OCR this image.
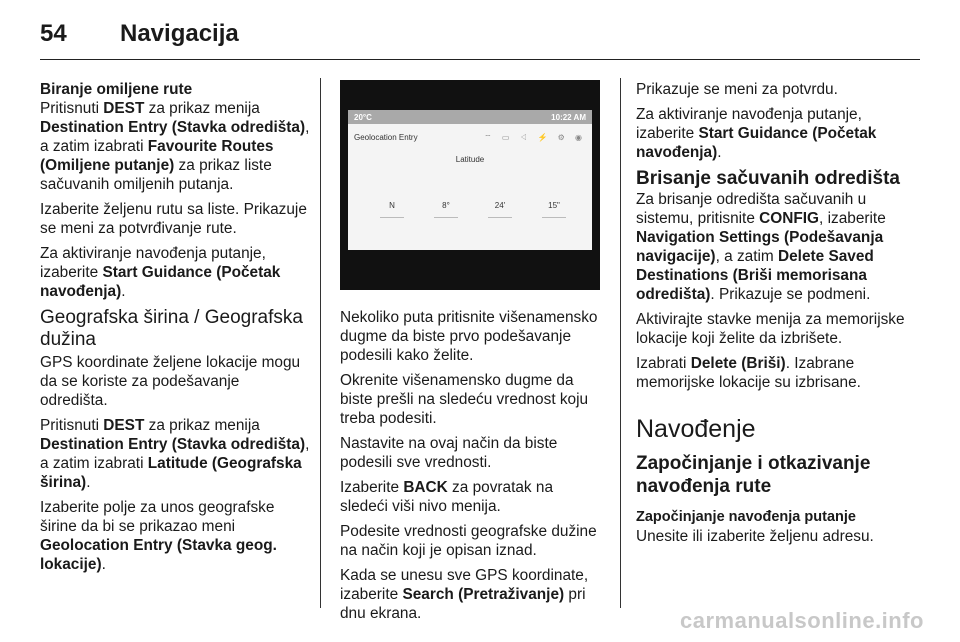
54	Navigacija
Biranje omiljene rute

Pritisnuti DEST za prikaz menija Destination Entry (Stavka odredišta), a zatim izabrati Favourite Routes (Omiljene putanje) za prikaz liste sačuvanih omiljenih putanja.

Izaberite željenu rutu sa liste. Prikazuje se meni za potvrđivanje rute.

Za aktiviranje navođenja putanje, izaberite Start Guidance (Početak navođenja).

Geografska širina / Geografska dužina

GPS koordinate željene lokacije mogu da se koriste za podešavanje odredišta.

Pritisnuti DEST za prikaz menija Destination Entry (Stavka odredišta), a zatim izabrati Latitude (Geografska širina).

Izaberite polje za unos geografske širine da bi se prikazao meni Geolocation Entry (Stavka geog. lokacije).

20°C	10:22 AM
Geolocation Entry	⌔ ▭ ◁ ⚡ ⚙ ◉
Latitude
N	8°	24'	15"

Nekoliko puta pritisnite višenamensko dugme da biste prvo podešavanje podesili kako želite.

Okrenite višenamensko dugme da biste prešli na sledeću vrednost koju treba podesiti.

Nastavite na ovaj način da biste podesili sve vrednosti.

Izaberite BACK za povratak na sledeći viši nivo menija.

Podesite vrednosti geografske dužine na način koji je opisan iznad.

Kada se unesu sve GPS koordinate, izaberite Search (Pretraživanje) pri dnu ekrana.

Prikazuje se meni za potvrdu.

Za aktiviranje navođenja putanje, izaberite Start Guidance (Početak navođenja).

Brisanje sačuvanih odredišta

Za brisanje odredišta sačuvanih u sistemu, pritisnite CONFIG, izaberite Navigation Settings (Podešavanja navigacije), a zatim Delete Saved Destinations (Briši memorisana odredišta). Prikazuje se podmeni.

Aktivirajte stavke menija za memorijske lokacije koji želite da izbrišete.

Izabrati Delete (Briši). Izabrane memorijske lokacije su izbrisane.

Navođenje
Započinjanje i otkazivanje navođenja rute
Započinjanje navođenja putanje

Unesite ili izaberite željenu adresu.

carmanualsonline.info
